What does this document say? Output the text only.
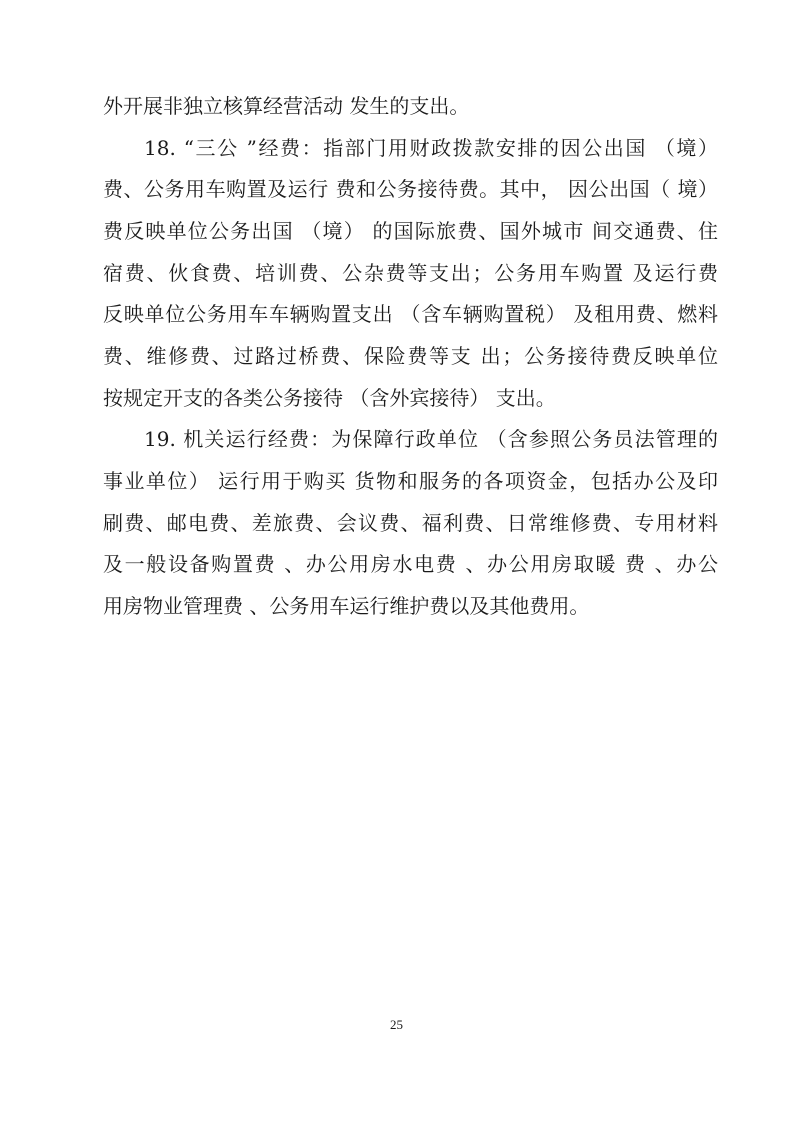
外开展非独立核算经营活动 发生的支出。
18. “三公 ”经费：指部门用财政拨款安排的因公出国 （境）
费、公务用车购置及运行 费和公务接待费。其中， 因公出国（ 境）
费反映单位公务出国 （境） 的国际旅费、国外城市 间交通费、住
宿费、伙食费、培训费、公杂费等支出；公务用车购置 及运行费
反映单位公务用车车辆购置支出 （含车辆购置税） 及租用费、燃料
费、维修费、过路过桥费、保险费等支 出；公务接待费反映单位
按规定开支的各类公务接待 （含外宾接待） 支出。
19. 机关运行经费：为保障行政单位 （含参照公务员法管理的
事业单位） 运行用于购买 货物和服务的各项资金，包括办公及印
刷费、邮电费、差旅费、会议费、福利费、日常维修费、专用材料
及一般设备购置费 、办公用房水电费 、办公用房取暖 费 、办公
用房物业管理费 、公务用车运行维护费以及其他费用。
25
